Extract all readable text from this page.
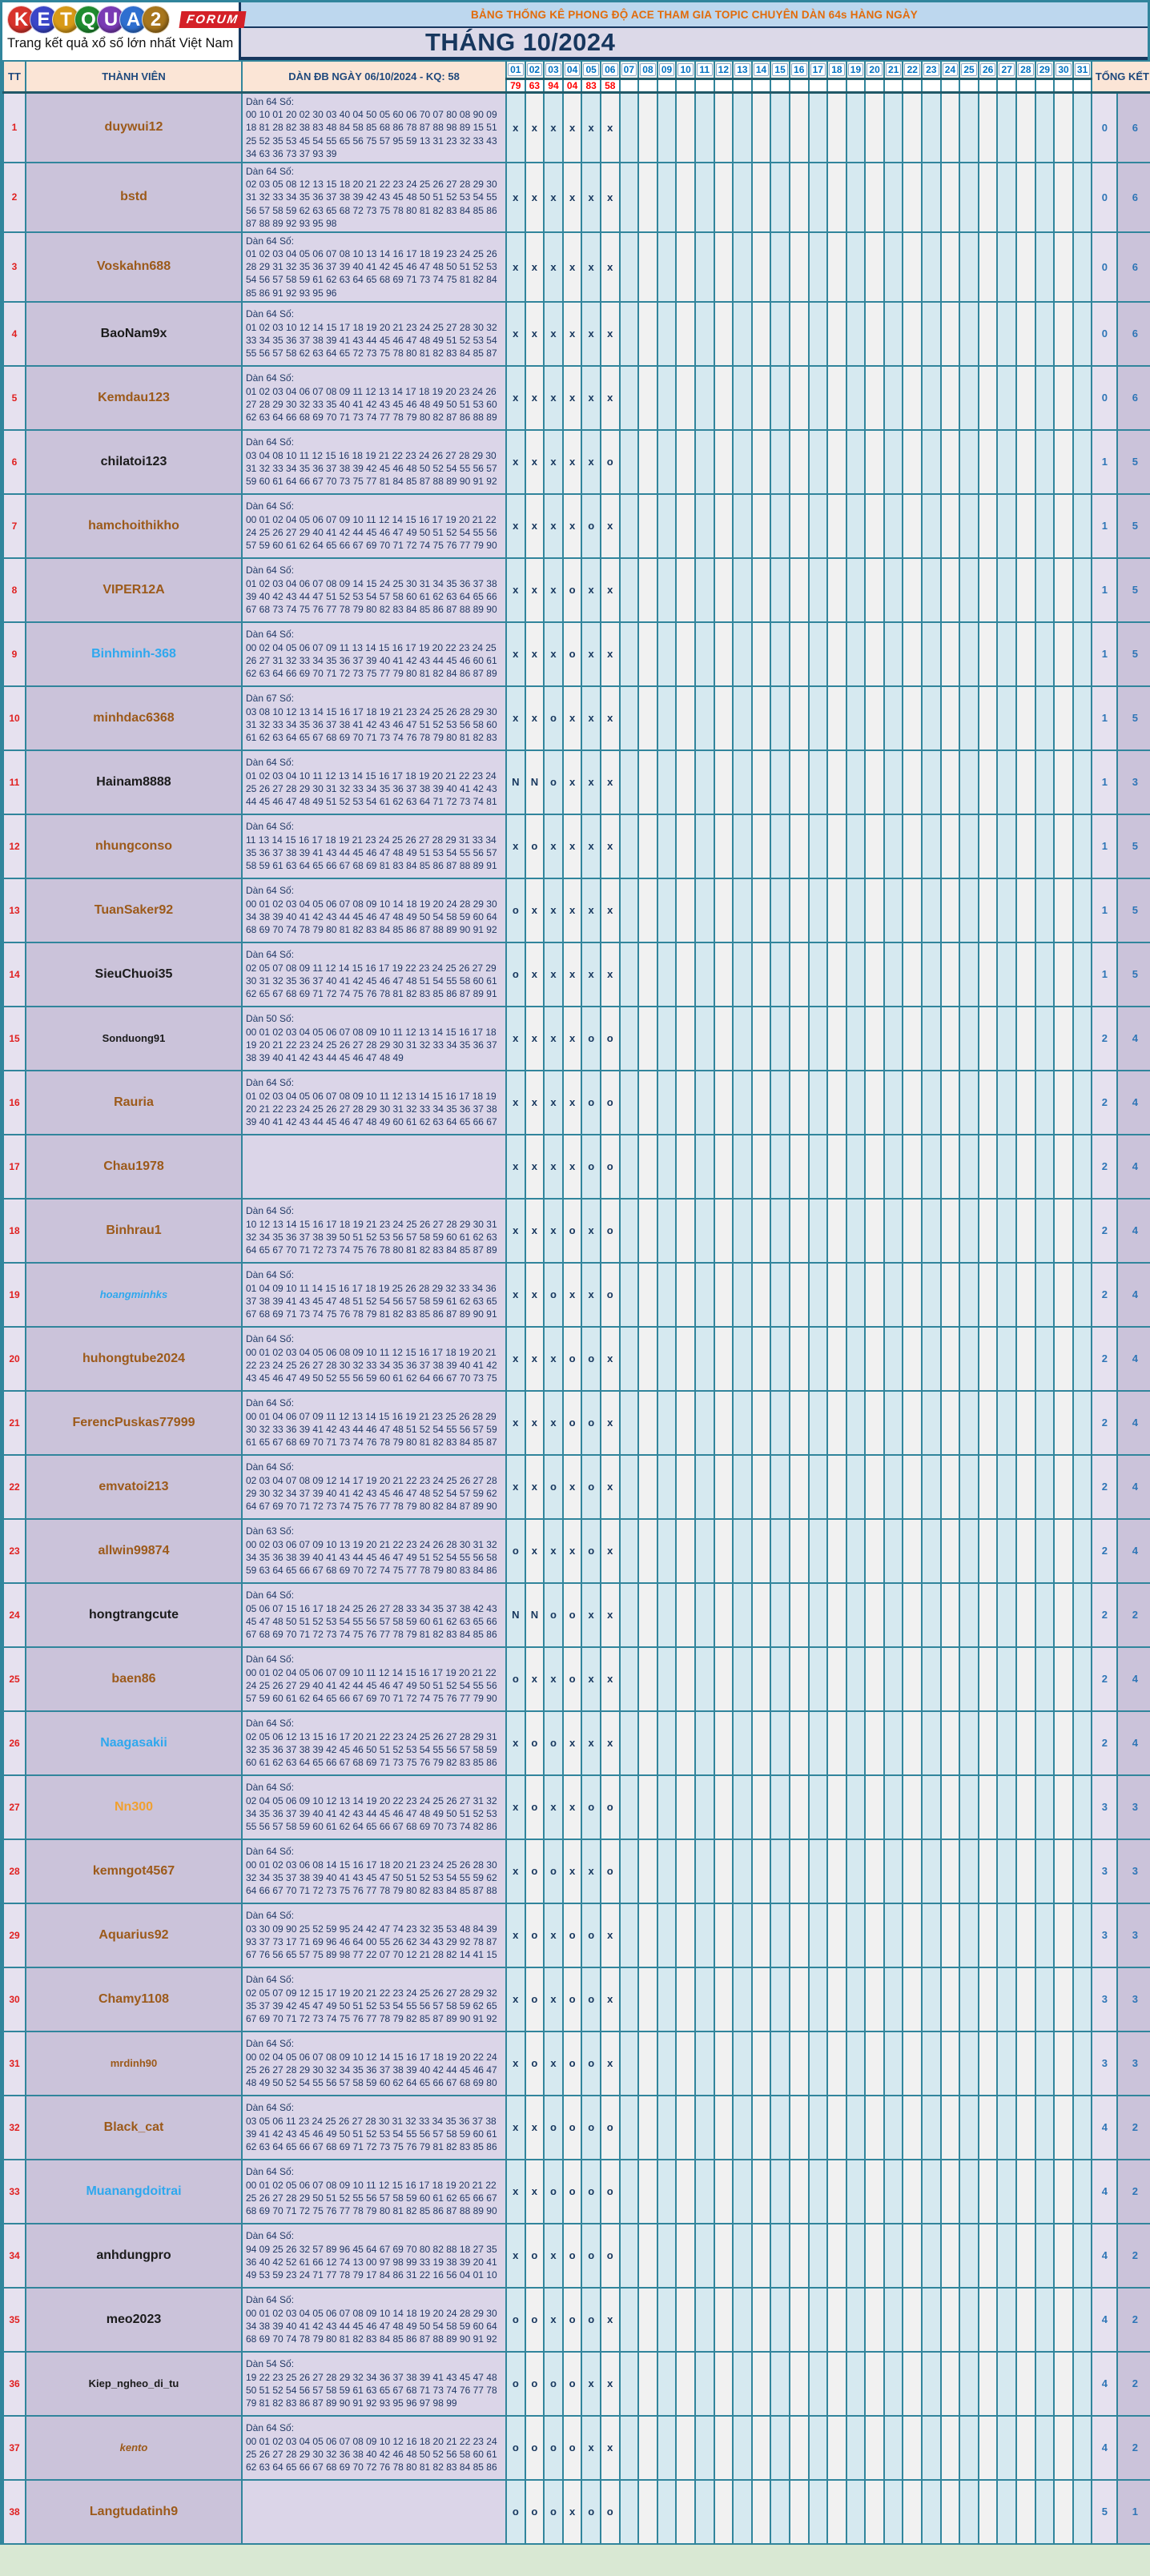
K E T Q U A 2	FORUM
Trang kết quả xổ số lớn nhất Việt Nam
BẢNG THỐNG KÊ PHONG ĐỘ ACE THAM GIA TOPIC CHUYÊN DÀN 64s HÀNG NGÀY
THÁNG 10/2024
TT	THÀNH VIÊN	DÀN ĐB NGÀY 06/10/2024 - KQ: 58	01	02	03	04	05	06	07	08	09	10	11	12	13	14	15	16	17	18	19	20	21	22	23	24	25	26	27	28	29	30	31	TỔNG KẾT	
			79	63	94	04	83	58																											
1	duywui12	Dàn 64 Số:
00 10 01 20 02 30 03 40 04 50 05 60 06 70 07 80 08 90 09
18 81 28 82 38 83 48 84 58 85 68 86 78 87 88 98 89 15 51
25 52 35 53 45 54 55 65 56 75 57 95 59 13 31 23 32 33 43
34 63 36 73 37 93 39	x	x	x	x	x	x																										0	6
2	bstd	Dàn 64 Số:
02 03 05 08 12 13 15 18 20 21 22 23 24 25 26 27 28 29 30
31 32 33 34 35 36 37 38 39 42 43 45 48 50 51 52 53 54 55
56 57 58 59 62 63 65 68 72 73 75 78 80 81 82 83 84 85 86
87 88 89 92 93 95 98	x	x	x	x	x	x																										0	6
3	Voskahn688	Dàn 64 Số:
01 02 03 04 05 06 07 08 10 13 14 16 17 18 19 23 24 25 26
28 29 31 32 35 36 37 39 40 41 42 45 46 47 48 50 51 52 53
54 56 57 58 59 61 62 63 64 65 68 69 71 73 74 75 81 82 84
85 86 91 92 93 95 96	x	x	x	x	x	x																										0	6
4	BaoNam9x	Dàn 64 Số:
01 02 03 10 12 14 15 17 18 19 20 21 23 24 25 27 28 30 32
33 34 35 36 37 38 39 41 43 44 45 46 47 48 49 51 52 53 54
55 56 57 58 62 63 64 65 72 73 75 78 80 81 82 83 84 85 87	x	x	x	x	x	x																										0	6
5	Kemdau123	Dàn 64 Số:
01 02 03 04 06 07 08 09 11 12 13 14 17 18 19 20 23 24 26
27 28 29 30 32 33 35 40 41 42 43 45 46 48 49 50 51 53 60
62 63 64 66 68 69 70 71 73 74 77 78 79 80 82 87 86 88 89	x	x	x	x	x	x																										0	6
6	chilatoi123	Dàn 64 Số:
03 04 08 10 11 12 15 16 18 19 21 22 23 24 26 27 28 29 30
31 32 33 34 35 36 37 38 39 42 45 46 48 50 52 54 55 56 57
59 60 61 64 66 67 70 73 75 77 81 84 85 87 88 89 90 91 92	x	x	x	x	x	o																										1	5
7	hamchoithikho	Dàn 64 Số:
00 01 02 04 05 06 07 09 10 11 12 14 15 16 17 19 20 21 22
24 25 26 27 29 40 41 42 44 45 46 47 49 50 51 52 54 55 56
57 59 60 61 62 64 65 66 67 69 70 71 72 74 75 76 77 79 90	x	x	x	x	o	x																										1	5
8	VIPER12A	Dàn 64 Số:
01 02 03 04 06 07 08 09 14 15 24 25 30 31 34 35 36 37 38
39 40 42 43 44 47 51 52 53 54 57 58 60 61 62 63 64 65 66
67 68 73 74 75 76 77 78 79 80 82 83 84 85 86 87 88 89 90	x	x	x	o	x	x																										1	5
9	Binhminh-368	Dàn 64 Số:
00 02 04 05 06 07 09 11 13 14 15 16 17 19 20 22 23 24 25
26 27 31 32 33 34 35 36 37 39 40 41 42 43 44 45 46 60 61
62 63 64 66 69 70 71 72 73 75 77 79 80 81 82 84 86 87 89	x	x	x	o	x	x																										1	5
10	minhdac6368	Dàn 67 Số:
03 08 10 12 13 14 15 16 17 18 19 21 23 24 25 26 28 29 30
31 32 33 34 35 36 37 38 41 42 43 46 47 51 52 53 56 58 60
61 62 63 64 65 67 68 69 70 71 73 74 76 78 79 80 81 82 83	x	x	o	x	x	x																										1	5
11	Hainam8888	Dàn 64 Số:
01 02 03 04 10 11 12 13 14 15 16 17 18 19 20 21 22 23 24
25 26 27 28 29 30 31 32 33 34 35 36 37 38 39 40 41 42 43
44 45 46 47 48 49 51 52 53 54 61 62 63 64 71 72 73 74 81	N	N	o	x	x	x																										1	3
12	nhungconso	Dàn 64 Số:
11 13 14 15 16 17 18 19 21 23 24 25 26 27 28 29 31 33 34
35 36 37 38 39 41 43 44 45 46 47 48 49 51 53 54 55 56 57
58 59 61 63 64 65 66 67 68 69 81 83 84 85 86 87 88 89 91	x	o	x	x	x	x																										1	5
13	TuanSaker92	Dàn 64 Số:
00 01 02 03 04 05 06 07 08 09 10 14 18 19 20 24 28 29 30
34 38 39 40 41 42 43 44 45 46 47 48 49 50 54 58 59 60 64
68 69 70 74 78 79 80 81 82 83 84 85 86 87 88 89 90 91 92	o	x	x	x	x	x																										1	5
14	SieuChuoi35	Dàn 64 Số:
02 05 07 08 09 11 12 14 15 16 17 19 22 23 24 25 26 27 29
30 31 32 35 36 37 40 41 42 45 46 47 48 51 54 55 58 60 61
62 65 67 68 69 71 72 74 75 76 78 81 82 83 85 86 87 89 91	o	x	x	x	x	x																										1	5
15	Sonduong91	Dàn 50 Số:
00 01 02 03 04 05 06 07 08 09 10 11 12 13 14 15 16 17 18
19 20 21 22 23 24 25 26 27 28 29 30 31 32 33 34 35 36 37
38 39 40 41 42 43 44 45 46 47 48 49	x	x	x	x	o	o																										2	4
16	Rauria	Dàn 64 Số:
01 02 03 04 05 06 07 08 09 10 11 12 13 14 15 16 17 18 19
20 21 22 23 24 25 26 27 28 29 30 31 32 33 34 35 36 37 38
39 40 41 42 43 44 45 46 47 48 49 60 61 62 63 64 65 66 67	x	x	x	x	o	o																										2	4
17	Chau1978		x	x	x	x	o	o																										2	4
18	Binhrau1	Dàn 64 Số:
10 12 13 14 15 16 17 18 19 21 23 24 25 26 27 28 29 30 31
32 34 35 36 37 38 39 50 51 52 53 56 57 58 59 60 61 62 63
64 65 67 70 71 72 73 74 75 76 78 80 81 82 83 84 85 87 89	x	x	x	o	x	o																										2	4
19	hoangminhks	Dàn 64 Số:
01 04 09 10 11 14 15 16 17 18 19 25 26 28 29 32 33 34 36
37 38 39 41 43 45 47 48 51 52 54 56 57 58 59 61 62 63 65
67 68 69 71 73 74 75 76 78 79 81 82 83 85 86 87 89 90 91	x	x	o	x	x	o																										2	4
20	huhongtube2024	Dàn 64 Số:
00 01 02 03 04 05 06 08 09 10 11 12 15 16 17 18 19 20 21
22 23 24 25 26 27 28 30 32 33 34 35 36 37 38 39 40 41 42
43 45 46 47 49 50 52 55 56 59 60 61 62 64 66 67 70 73 75	x	x	x	o	o	x																										2	4
21	FerencPuskas77999	Dàn 64 Số:
00 01 04 06 07 09 11 12 13 14 15 16 19 21 23 25 26 28 29
30 32 33 36 39 41 42 43 44 46 47 48 51 52 54 55 56 57 59
61 65 67 68 69 70 71 73 74 76 78 79 80 81 82 83 84 85 87	x	x	x	o	o	x																										2	4
22	emvatoi213	Dàn 64 Số:
02 03 04 07 08 09 12 14 17 19 20 21 22 23 24 25 26 27 28
29 30 32 34 37 39 40 41 42 43 45 46 47 48 52 54 57 59 62
64 67 69 70 71 72 73 74 75 76 77 78 79 80 82 84 87 89 90	x	x	o	x	o	x																										2	4
23	allwin99874	Dàn 63 Số:
00 02 03 06 07 09 10 13 19 20 21 22 23 24 26 28 30 31 32
34 35 36 38 39 40 41 43 44 45 46 47 49 51 52 54 55 56 58
59 63 64 65 66 67 68 69 70 72 74 75 77 78 79 80 83 84 86	o	x	x	x	o	x																										2	4
24	hongtrangcute	Dàn 64 Số:
05 06 07 15 16 17 18 24 25 26 27 28 33 34 35 37 38 42 43
45 47 48 50 51 52 53 54 55 56 57 58 59 60 61 62 63 65 66
67 68 69 70 71 72 73 74 75 76 77 78 79 81 82 83 84 85 86	N	N	o	o	x	x																										2	2
25	baen86	Dàn 64 Số:
00 01 02 04 05 06 07 09 10 11 12 14 15 16 17 19 20 21 22
24 25 26 27 29 40 41 42 44 45 46 47 49 50 51 52 54 55 56
57 59 60 61 62 64 65 66 67 69 70 71 72 74 75 76 77 79 90	o	x	x	o	x	x																										2	4
26	Naagasakii	Dàn 64 Số:
02 05 06 12 13 15 16 17 20 21 22 23 24 25 26 27 28 29 31
32 35 36 37 38 39 42 45 46 50 51 52 53 54 55 56 57 58 59
60 61 62 63 64 65 66 67 68 69 71 73 75 76 79 82 83 85 86	x	o	o	x	x	x																										2	4
27	Nn300	Dàn 64 Số:
02 04 05 06 09 10 12 13 14 19 20 22 23 24 25 26 27 31 32
34 35 36 37 39 40 41 42 43 44 45 46 47 48 49 50 51 52 53
55 56 57 58 59 60 61 62 64 65 66 67 68 69 70 73 74 82 86	x	o	x	x	o	o																										3	3
28	kemngot4567	Dàn 64 Số:
00 01 02 03 06 08 14 15 16 17 18 20 21 23 24 25 26 28 30
32 34 35 37 38 39 40 41 43 45 47 50 51 52 53 54 55 59 62
64 66 67 70 71 72 73 75 76 77 78 79 80 82 83 84 85 87 88	x	o	o	x	x	o																										3	3
29	Aquarius92	Dàn 64 Số:
03 30 09 90 25 52 59 95 24 42 47 74 23 32 35 53 48 84 39
93 37 73 17 71 69 96 46 64 00 55 26 62 34 43 29 92 78 87
67 76 56 65 57 75 89 98 77 22 07 70 12 21 28 82 14 41 15	x	o	x	o	o	x																										3	3
30	Chamy1108	Dàn 64 Số:
02 05 07 09 12 15 17 19 20 21 22 23 24 25 26 27 28 29 32
35 37 39 42 45 47 49 50 51 52 53 54 55 56 57 58 59 62 65
67 69 70 71 72 73 74 75 76 77 78 79 82 85 87 89 90 91 92	x	o	x	o	o	x																										3	3
31	mrdinh90	Dàn 64 Số:
00 02 04 05 06 07 08 09 10 12 14 15 16 17 18 19 20 22 24
25 26 27 28 29 30 32 34 35 36 37 38 39 40 42 44 45 46 47
48 49 50 52 54 55 56 57 58 59 60 62 64 65 66 67 68 69 80	x	o	x	o	o	x																										3	3
32	Black_cat	Dàn 64 Số:
03 05 06 11 23 24 25 26 27 28 30 31 32 33 34 35 36 37 38
39 41 42 43 45 46 49 50 51 52 53 54 55 56 57 58 59 60 61
62 63 64 65 66 67 68 69 71 72 73 75 76 79 81 82 83 85 86	x	x	o	o	o	o																										4	2
33	Muanangdoitrai	Dàn 64 Số:
00 01 02 05 06 07 08 09 10 11 12 15 16 17 18 19 20 21 22
25 26 27 28 29 50 51 52 55 56 57 58 59 60 61 62 65 66 67
68 69 70 71 72 75 76 77 78 79 80 81 82 85 86 87 88 89 90	x	x	o	o	o	o																										4	2
34	anhdungpro	Dàn 64 Số:
94 09 25 26 32 57 89 96 45 64 67 69 70 80 82 88 18 27 35
36 40 42 52 61 66 12 74 13 00 97 98 99 33 19 38 39 20 41
49 53 59 23 24 71 77 78 79 17 84 86 31 22 16 56 04 01 10	x	o	x	o	o	o																										4	2
35	meo2023	Dàn 64 Số:
00 01 02 03 04 05 06 07 08 09 10 14 18 19 20 24 28 29 30
34 38 39 40 41 42 43 44 45 46 47 48 49 50 54 58 59 60 64
68 69 70 74 78 79 80 81 82 83 84 85 86 87 88 89 90 91 92	o	o	x	o	o	x																										4	2
36	Kiep_ngheo_di_tu	Dàn 54 Số:
19 22 23 25 26 27 28 29 32 34 36 37 38 39 41 43 45 47 48
50 51 52 54 56 57 58 59 61 63 65 67 68 71 73 74 76 77 78
79 81 82 83 86 87 89 90 91 92 93 95 96 97 98 99	o	o	o	o	x	x																										4	2
37	kento	Dàn 64 Số:
00 01 02 03 04 05 06 07 08 09 10 12 16 18 20 21 22 23 24
25 26 27 28 29 30 32 36 38 40 42 46 48 50 52 56 58 60 61
62 63 64 65 66 67 68 69 70 72 76 78 80 81 82 83 84 85 86	o	o	o	o	x	x																										4	2
38	Langtudatinh9		o	o	o	x	o	o																										5	1
